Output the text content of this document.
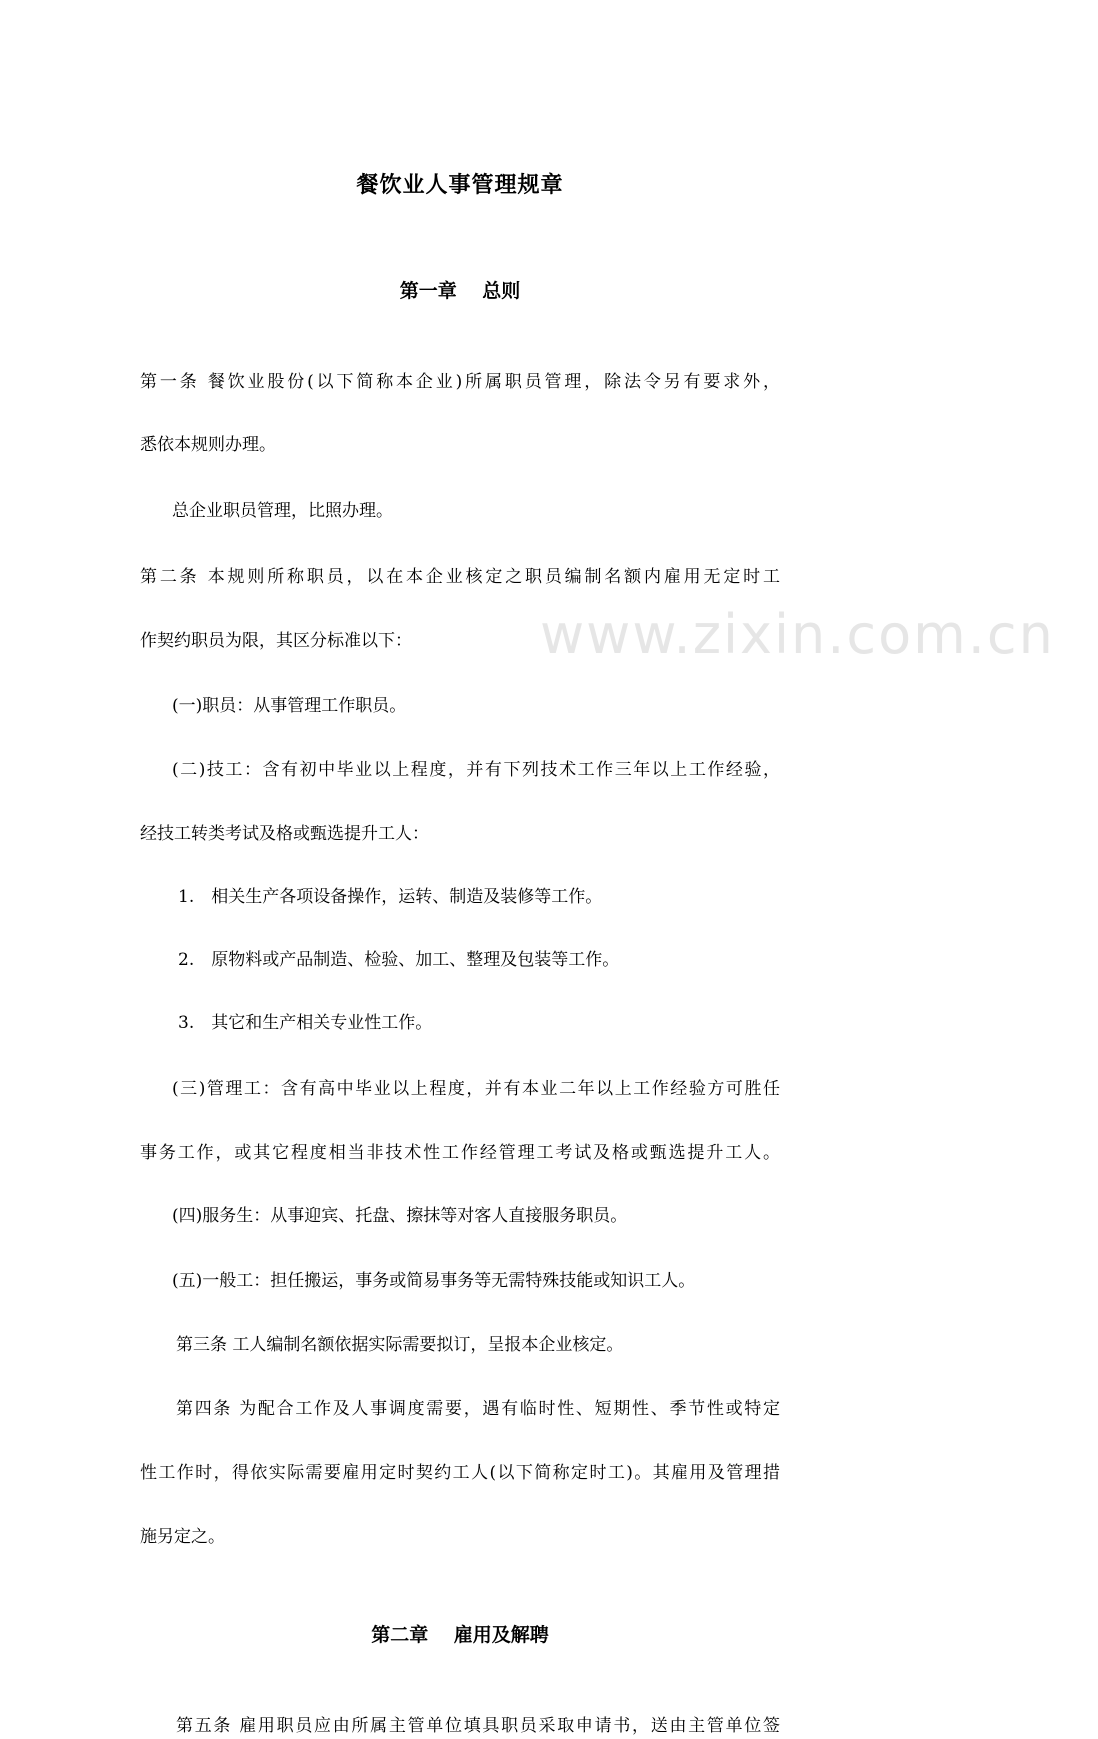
www.zixin.com.cn
餐饮业人事管理规章
第一章　 总则
第一条 餐饮业股份(以下简称本企业)所属职员管理，除法令另有要求外，
悉依本规则办理。
总企业职员管理，比照办理。
第二条 本规则所称职员，以在本企业核定之职员编制名额内雇用无定时工
作契约职员为限，其区分标准以下：
(一)职员：从事管理工作职员。
(二)技工：含有初中毕业以上程度，并有下列技术工作三年以上工作经验，
经技工转类考试及格或甄选提升工人：
1.　相关生产各项设备操作，运转、制造及装修等工作。
2.　原物料或产品制造、检验、加工、整理及包装等工作。
3.　其它和生产相关专业性工作。
(三)管理工：含有高中毕业以上程度，并有本业二年以上工作经验方可胜任
事务工作，或其它程度相当非技术性工作经管理工考试及格或甄选提升工人。
(四)服务生：从事迎宾、托盘、擦抹等对客人直接服务职员。
(五)一般工：担任搬运，事务或简易事务等无需特殊技能或知识工人。
第三条 工人编制名额依据实际需要拟订，呈报本企业核定。
第四条 为配合工作及人事调度需要，遇有临时性、短期性、季节性或特定
性工作时，得依实际需要雇用定时契约工人(以下简称定时工)。其雇用及管理措
施另定之。
第二章　 雇用及解聘
第五条 雇用职员应由所属主管单位填具职员采取申请书，送由主管单位签
